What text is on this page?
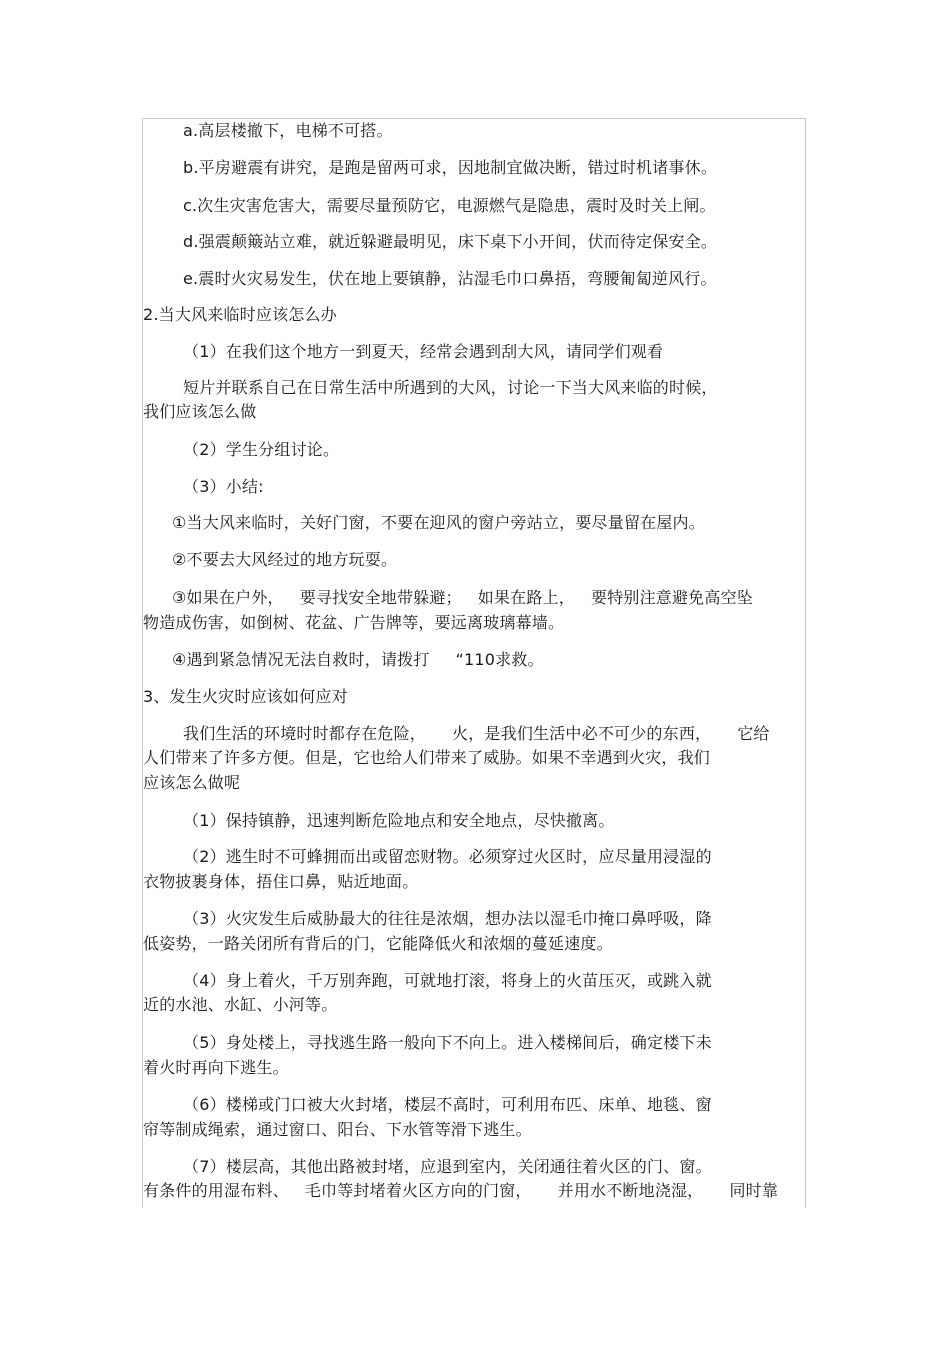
a.高层楼撤下，电梯不可搭。
b.平房避震有讲究，是跑是留两可求，因地制宜做决断，错过时机诸事休。
c.次生灾害危害大，需要尽量预防它，电源燃气是隐患，震时及时关上闸。
d.强震颠簸站立难，就近躲避最明见，床下桌下小开间，伏而待定保安全。
e.震时火灾易发生，伏在地上要镇静，沾湿毛巾口鼻捂，弯腰匍匐逆风行。
2.当大风来临时应该怎么办
（1）在我们这个地方一到夏天，经常会遇到刮大风，请同学们观看
短片并联系自己在日常生活中所遇到的大风，讨论一下当大风来临的时候，
我们应该怎么做
（2）学生分组讨论。
（3）小结:
①当大风来临时，关好门窗，不要在迎风的窗户旁站立，要尽量留在屋内。
②不要去大风经过的地方玩耍。
③如果在户外， 要寻找安全地带躲避； 如果在路上， 要特别注意避免高空坠
物造成伤害，如倒树、花盆、广告牌等，要远离玻璃幕墙。
④遇到紧急情况无法自救时，请拨打 “110求救。
3、发生火灾时应该如何应对
我们生活的环境时时都存在危险， 火，是我们生活中必不可少的东西， 它给
人们带来了许多方便。但是，它也给人们带来了威胁。如果不幸遇到火灾，我们
应该怎么做呢
（1）保持镇静，迅速判断危险地点和安全地点，尽快撤离。
（2）逃生时不可蜂拥而出或留恋财物。必须穿过火区时，应尽量用浸湿的
衣物披裹身体，捂住口鼻，贴近地面。
（3）火灾发生后威胁最大的往往是浓烟，想办法以湿毛巾掩口鼻呼吸，降
低姿势，一路关闭所有背后的门，它能降低火和浓烟的蔓延速度。
（4）身上着火，千万别奔跑，可就地打滚，将身上的火苗压灭，或跳入就
近的水池、水缸、小河等。
（5）身处楼上，寻找逃生路一般向下不向上。进入楼梯间后，确定楼下未
着火时再向下逃生。
（6）楼梯或门口被大火封堵，楼层不高时，可利用布匹、床单、地毯、窗
帘等制成绳索，通过窗口、阳台、下水管等滑下逃生。
（7）楼层高，其他出路被封堵，应退到室内，关闭通往着火区的门、窗。
有条件的用湿布料、 毛巾等封堵着火区方向的门窗， 并用水不断地浇湿， 同时靠
